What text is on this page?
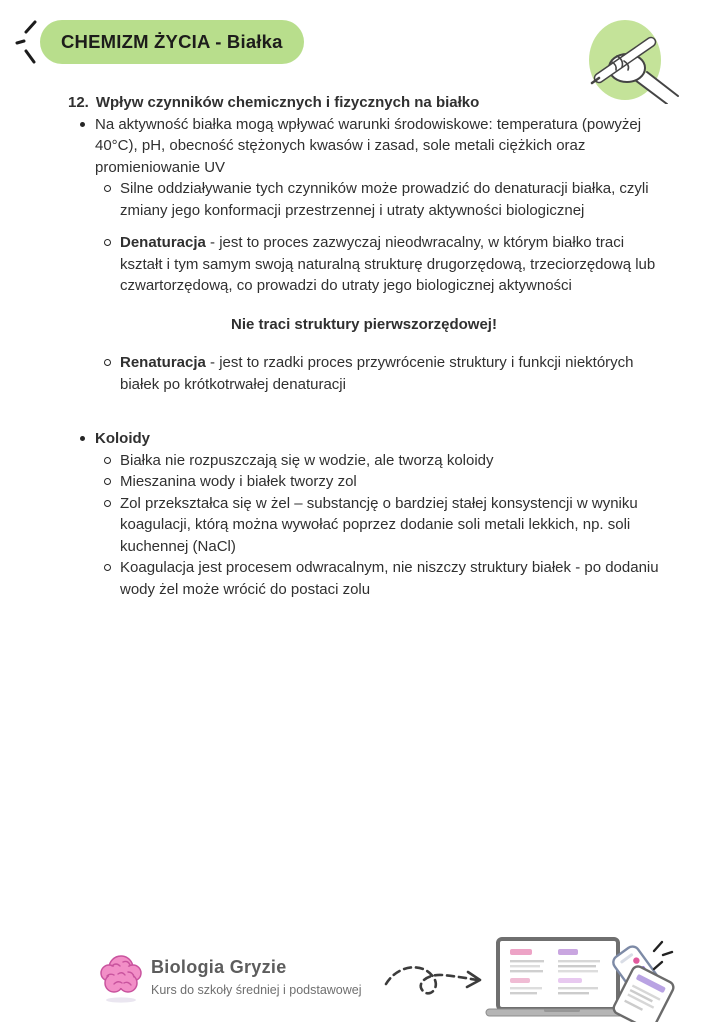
CHEMIZM ŻYCIA - Białka
12. Wpływ czynników chemicznych i fizycznych na białko
Na aktywność białka mogą wpływać warunki środowiskowe: temperatura (powyżej 40°C), pH, obecność stężonych kwasów i zasad, sole metali ciężkich oraz promieniowanie UV
Silne oddziaływanie tych czynników może prowadzić do denaturacji białka, czyli zmiany jego konformacji przestrzennej i utraty aktywności biologicznej
Denaturacja - jest to proces zazwyczaj nieodwracalny, w którym białko traci kształt i tym samym swoją naturalną strukturę drugorzędową, trzeciorzędową lub czwartorzędową, co prowadzi do utraty jego biologicznej aktywności
Nie traci struktury pierwszorzędowej!
Renaturacja - jest to rzadki proces przywrócenie struktury i funkcji niektórych białek po krótkotrwałej denaturacji
Koloidy
Białka nie rozpuszczają się w wodzie, ale tworzą koloidy
Mieszanina wody i białek tworzy zol
Zol przekształca się w żel – substancję o bardziej stałej konsystencji w wyniku koagulacji, którą można wywołać poprzez dodanie soli metali lekkich, np. soli kuchennej (NaCl)
Koagulacja jest procesem odwracalnym, nie niszczy struktury białek - po dodaniu wody żel może wrócić do postaci zolu
Biologia Gryzie
Kurs do szkoły średniej i podstawowej
